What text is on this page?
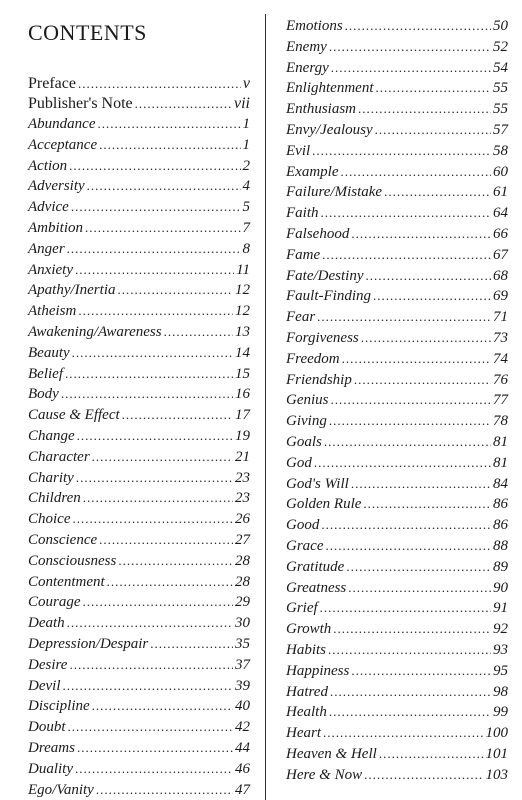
CONTENTS
Preface .....	v
Publisher's Note .....	vii
Abundance .....	1
Acceptance .....	1
Action .....	2
Adversity .....	4
Advice .....	5
Ambition .....	7
Anger .....	8
Anxiety .....	11
Apathy/Inertia .....	12
Atheism .....	12
Awakening/Awareness .....	13
Beauty .....	14
Belief .....	15
Body .....	16
Cause & Effect .....	17
Change .....	19
Character .....	21
Charity .....	23
Children .....	23
Choice .....	26
Conscience .....	27
Consciousness .....	28
Contentment .....	28
Courage .....	29
Death .....	30
Depression/Despair .....	35
Desire .....	37
Devil .....	39
Discipline .....	40
Doubt .....	42
Dreams .....	44
Duality .....	46
Ego/Vanity .....	47
Emotions .....	50
Enemy .....	52
Energy .....	54
Enlightenment .....	55
Enthusiasm .....	55
Envy/Jealousy .....	57
Evil .....	58
Example .....	60
Failure/Mistake .....	61
Faith .....	64
Falsehood .....	66
Fame .....	67
Fate/Destiny .....	68
Fault-Finding .....	69
Fear .....	71
Forgiveness .....	73
Freedom .....	74
Friendship .....	76
Genius .....	77
Giving .....	78
Goals .....	81
God .....	81
God's Will .....	84
Golden Rule .....	86
Good .....	86
Grace .....	88
Gratitude .....	89
Greatness .....	90
Grief .....	91
Growth .....	92
Habits .....	93
Happiness .....	95
Hatred .....	98
Health .....	99
Heart .....	100
Heaven & Hell .....	101
Here & Now .....	103
